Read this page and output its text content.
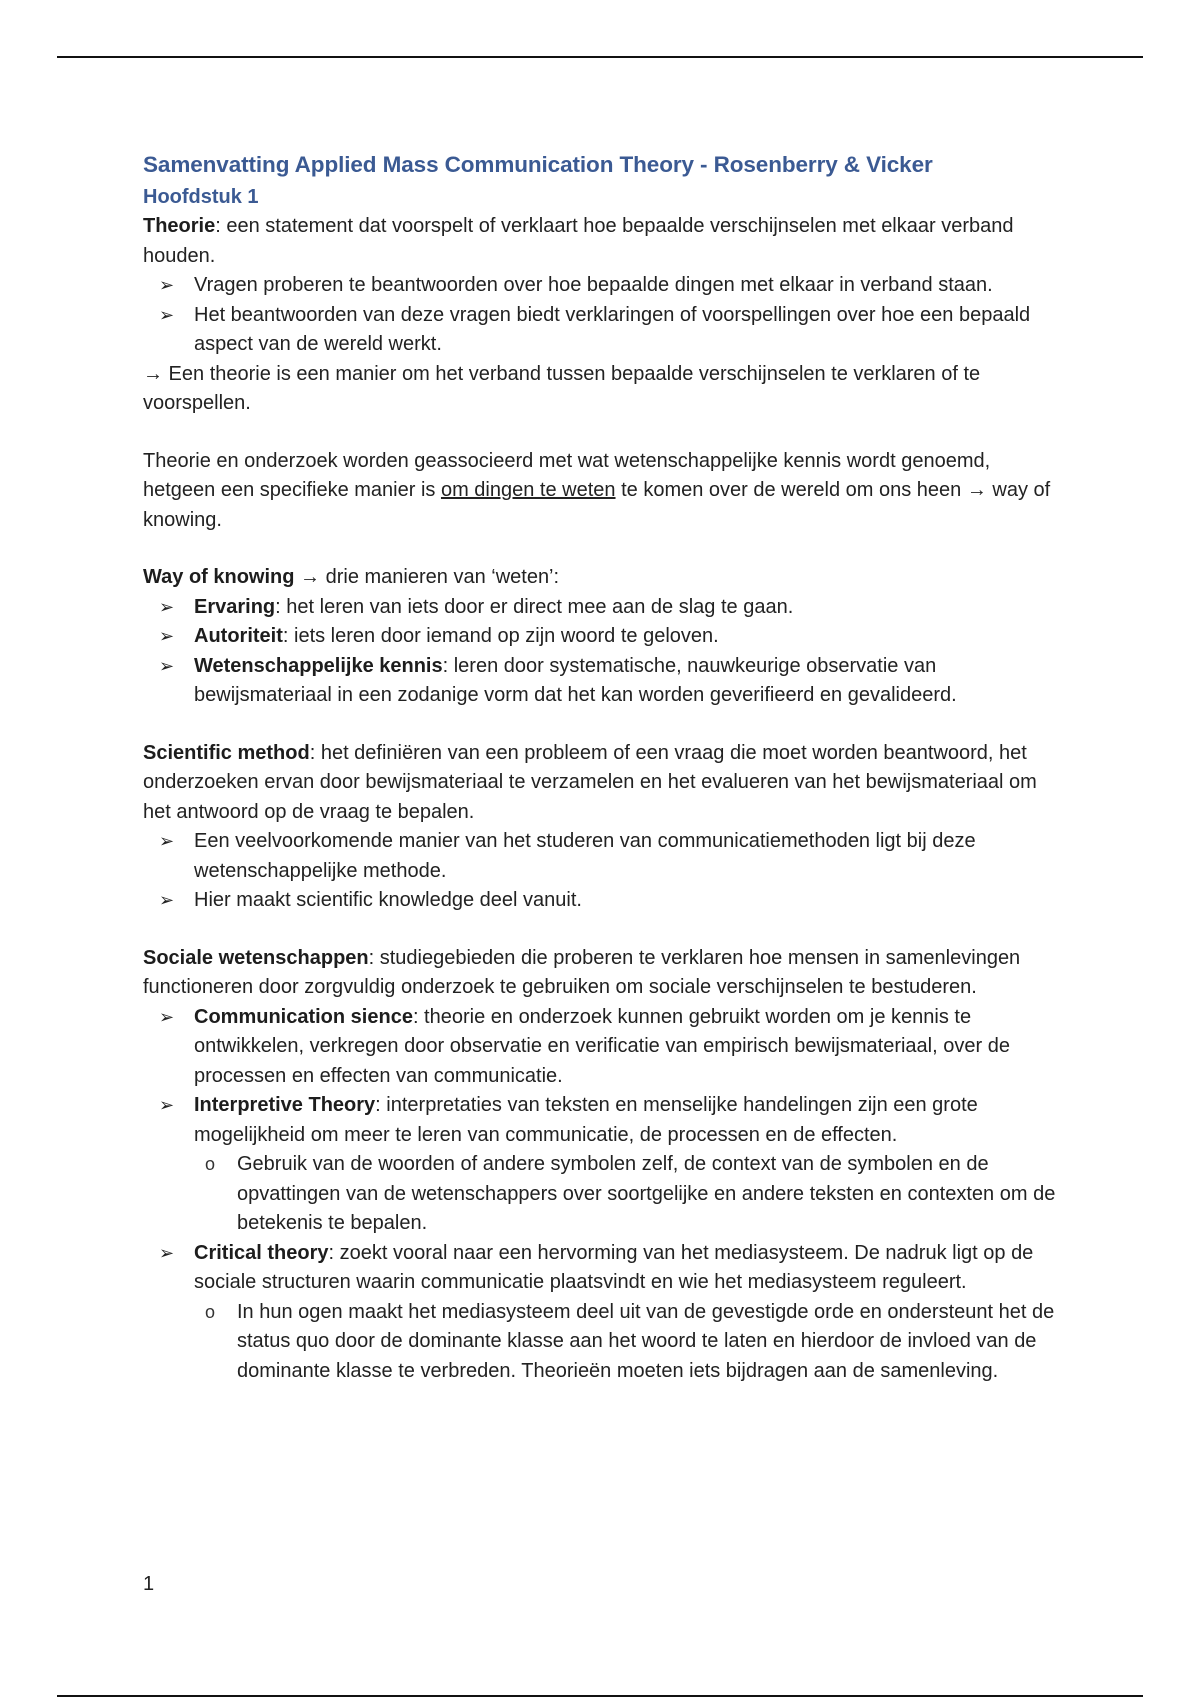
Samenvatting Applied Mass Communication Theory - Rosenberry & Vicker
Hoofdstuk 1

Theorie: een statement dat voorspelt of verklaart hoe bepaalde verschijnselen met elkaar verband houden.

➢ Vragen proberen te beantwoorden over hoe bepaalde dingen met elkaar in verband staan.
➢ Het beantwoorden van deze vragen biedt verklaringen of voorspellingen over hoe een bepaald aspect van de wereld werkt.

→ Een theorie is een manier om het verband tussen bepaalde verschijnselen te verklaren of te voorspellen.

Theorie en onderzoek worden geassocieerd met wat wetenschappelijke kennis wordt genoemd, hetgeen een specifieke manier is om dingen te weten te komen over de wereld om ons heen → way of knowing.

Way of knowing → drie manieren van ‘weten’:

➢ Ervaring: het leren van iets door er direct mee aan de slag te gaan.
➢ Autoriteit: iets leren door iemand op zijn woord te geloven.
➢ Wetenschappelijke kennis: leren door systematische, nauwkeurige observatie van bewijsmateriaal in een zodanige vorm dat het kan worden geverifieerd en gevalideerd.

Scientific method: het definiëren van een probleem of een vraag die moet worden beantwoord, het onderzoeken ervan door bewijsmateriaal te verzamelen en het evalueren van het bewijsmateriaal om het antwoord op de vraag te bepalen.

➢ Een veelvoorkomende manier van het studeren van communicatiemethoden ligt bij deze wetenschappelijke methode.
➢ Hier maakt scientific knowledge deel vanuit.

Sociale wetenschappen: studiegebieden die proberen te verklaren hoe mensen in samenlevingen functioneren door zorgvuldig onderzoek te gebruiken om sociale verschijnselen te bestuderen.

➢ Communication sience: theorie en onderzoek kunnen gebruikt worden om je kennis te ontwikkelen, verkregen door observatie en verificatie van empirisch bewijsmateriaal, over de processen en effecten van communicatie.
➢ Interpretive Theory: interpretaties van teksten en menselijke handelingen zijn een grote mogelijkheid om meer te leren van communicatie, de processen en de effecten.
o Gebruik van de woorden of andere symbolen zelf, de context van de symbolen en de opvattingen van de wetenschappers over soortgelijke en andere teksten en contexten om de betekenis te bepalen.
➢ Critical theory: zoekt vooral naar een hervorming van het mediasysteem. De nadruk ligt op de sociale structuren waarin communicatie plaatsvindt en wie het mediasysteem reguleert.
o In hun ogen maakt het mediasysteem deel uit van de gevestigde orde en ondersteunt het de status quo door de dominante klasse aan het woord te laten en hierdoor de invloed van de dominante klasse te verbreden. Theorieën moeten iets bijdragen aan de samenleving.
1
